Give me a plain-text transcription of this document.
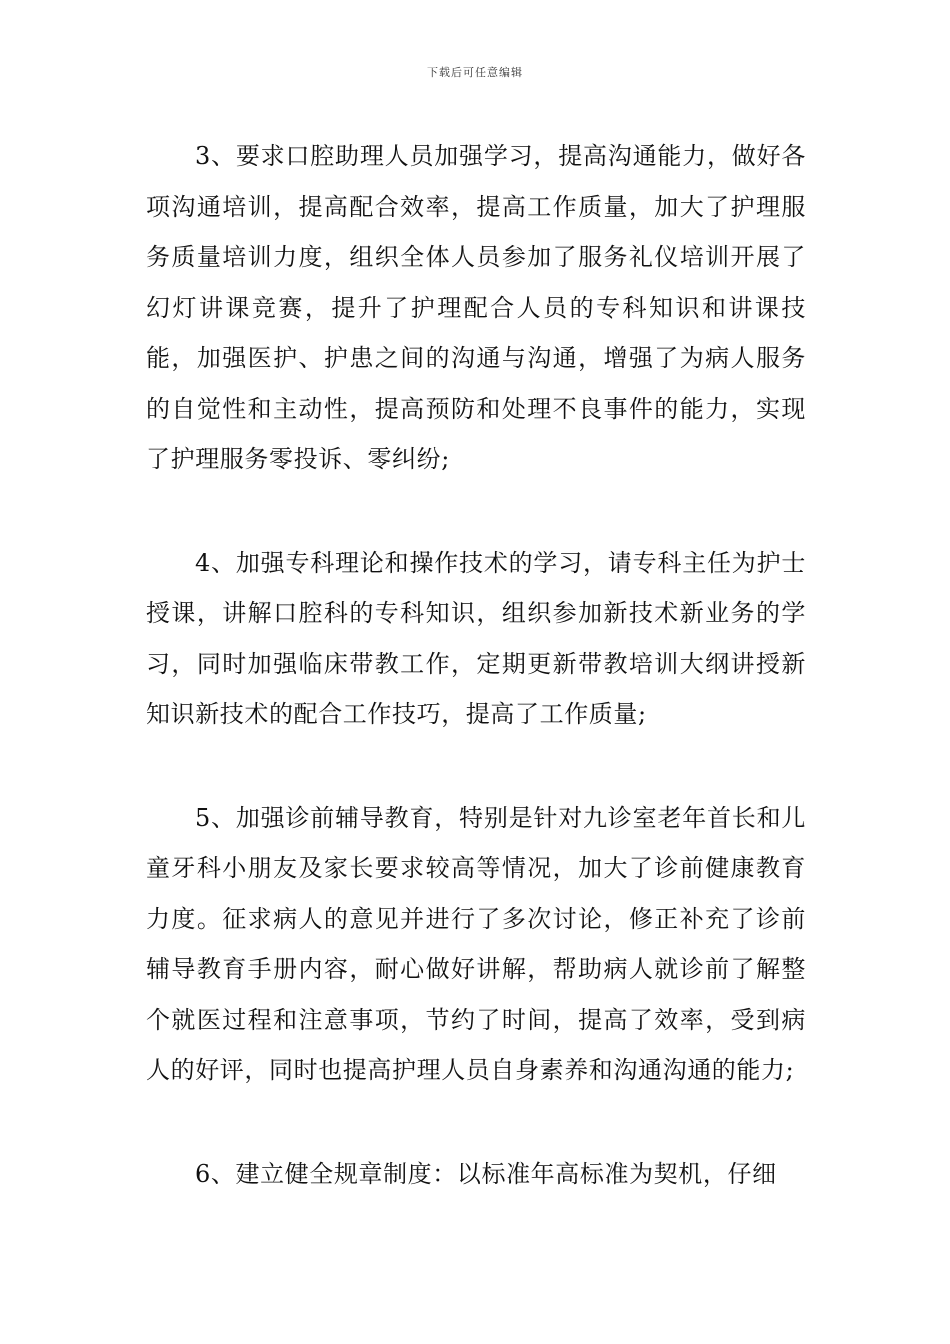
下载后可任意编辑

3、要求口腔助理人员加强学习，提高沟通能力，做好各项沟通培训，提高配合效率，提高工作质量，加大了护理服务质量培训力度，组织全体人员参加了服务礼仪培训开展了幻灯讲课竞赛，提升了护理配合人员的专科知识和讲课技能，加强医护、护患之间的沟通与沟通，增强了为病人服务的自觉性和主动性，提高预防和处理不良事件的能力，实现了护理服务零投诉、零纠纷;

4、加强专科理论和操作技术的学习，请专科主任为护士授课，讲解口腔科的专科知识，组织参加新技术新业务的学习，同时加强临床带教工作，定期更新带教培训大纲讲授新知识新技术的配合工作技巧，提高了工作质量;

5、加强诊前辅导教育，特别是针对九诊室老年首长和儿童牙科小朋友及家长要求较高等情况，加大了诊前健康教育力度。征求病人的意见并进行了多次讨论，修正补充了诊前辅导教育手册内容，耐心做好讲解，帮助病人就诊前了解整个就医过程和注意事项，节约了时间，提高了效率，受到病人的好评，同时也提高护理人员自身素养和沟通沟通的能力;

6、建立健全规章制度：以标准年高标准为契机，仔细
